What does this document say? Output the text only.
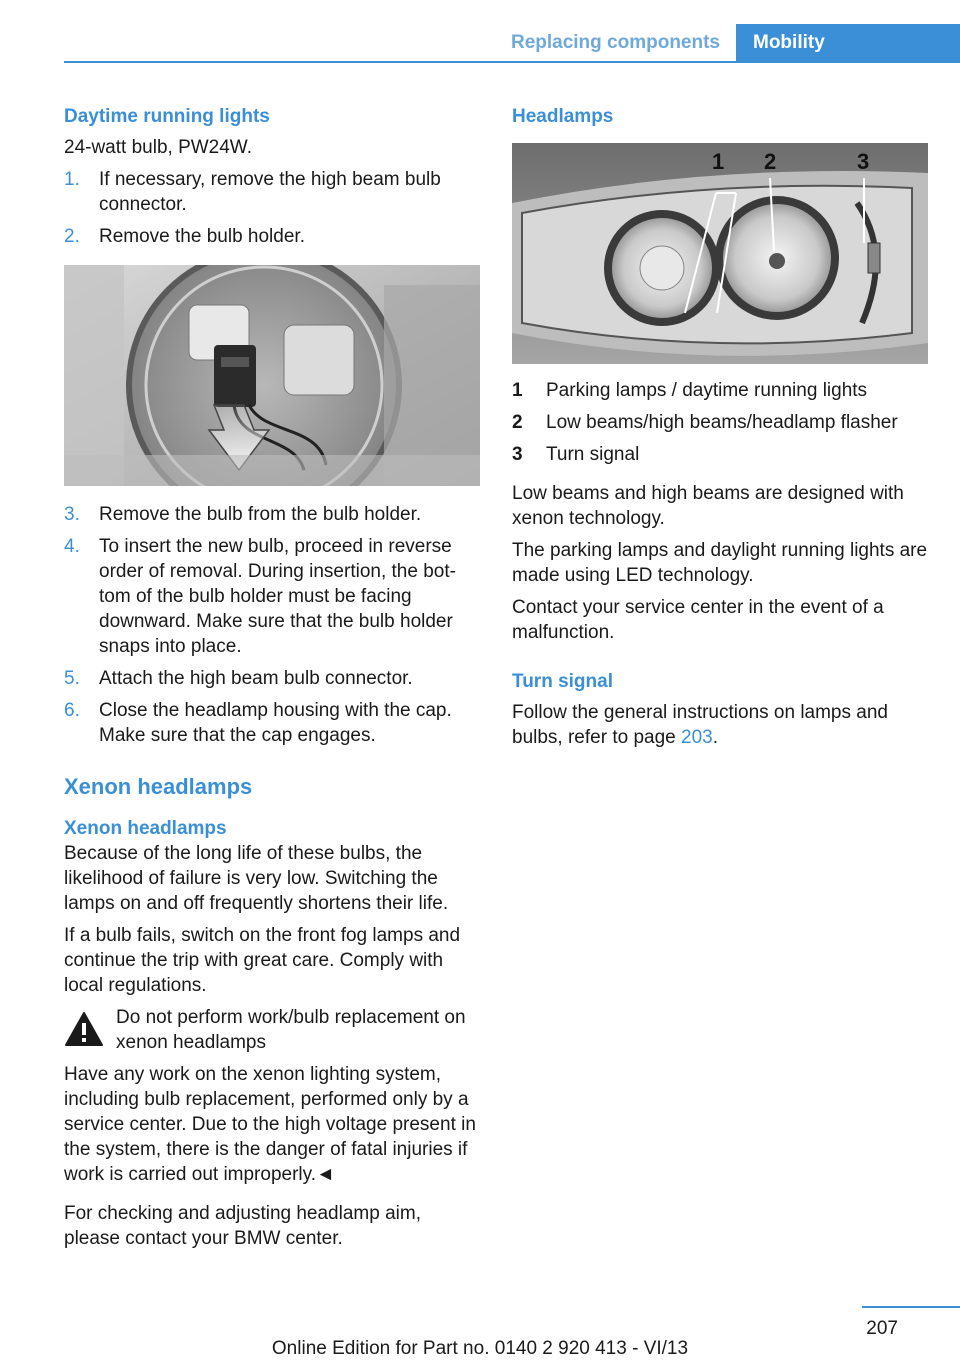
Replacing components	Mobility
Daytime running lights

24-watt bulb, PW24W.

1. If necessary, remove the high beam bulb connector.
2. Remove the bulb holder.
3. Remove the bulb from the bulb holder.
4. To insert the new bulb, proceed in reverse order of removal. During insertion, the bot-tom of the bulb holder must be facing downward. Make sure that the bulb holder snaps into place.
5. Attach the high beam bulb connector.
6. Close the headlamp housing with the cap. Make sure that the cap engages.
Xenon headlamps
Xenon headlamps

Because of the long life of these bulbs, the likelihood of failure is very low. Switching the lamps on and off frequently shortens their life.

If a bulb fails, switch on the front fog lamps and continue the trip with great care. Comply with local regulations.

Do not perform work/bulb replacement on xenon headlamps

Have any work on the xenon lighting system, including bulb replacement, performed only by a service center. Due to the high voltage present in the system, there is the danger of fatal injuries if work is carried out improperly.◄

For checking and adjusting headlamp aim, please contact your BMW center.

Headlamps
1 2	3
1 Parking lamps / daytime running lights
2 Low beams/high beams/headlamp flasher
3 Turn signal

Low beams and high beams are designed with xenon technology.

The parking lamps and daylight running lights are made using LED technology.

Contact your service center in the event of a malfunction.

Turn signal

Follow the general instructions on lamps and bulbs, refer to page 203.

207
Online Edition for Part no. 0140 2 920 413 - VI/13
